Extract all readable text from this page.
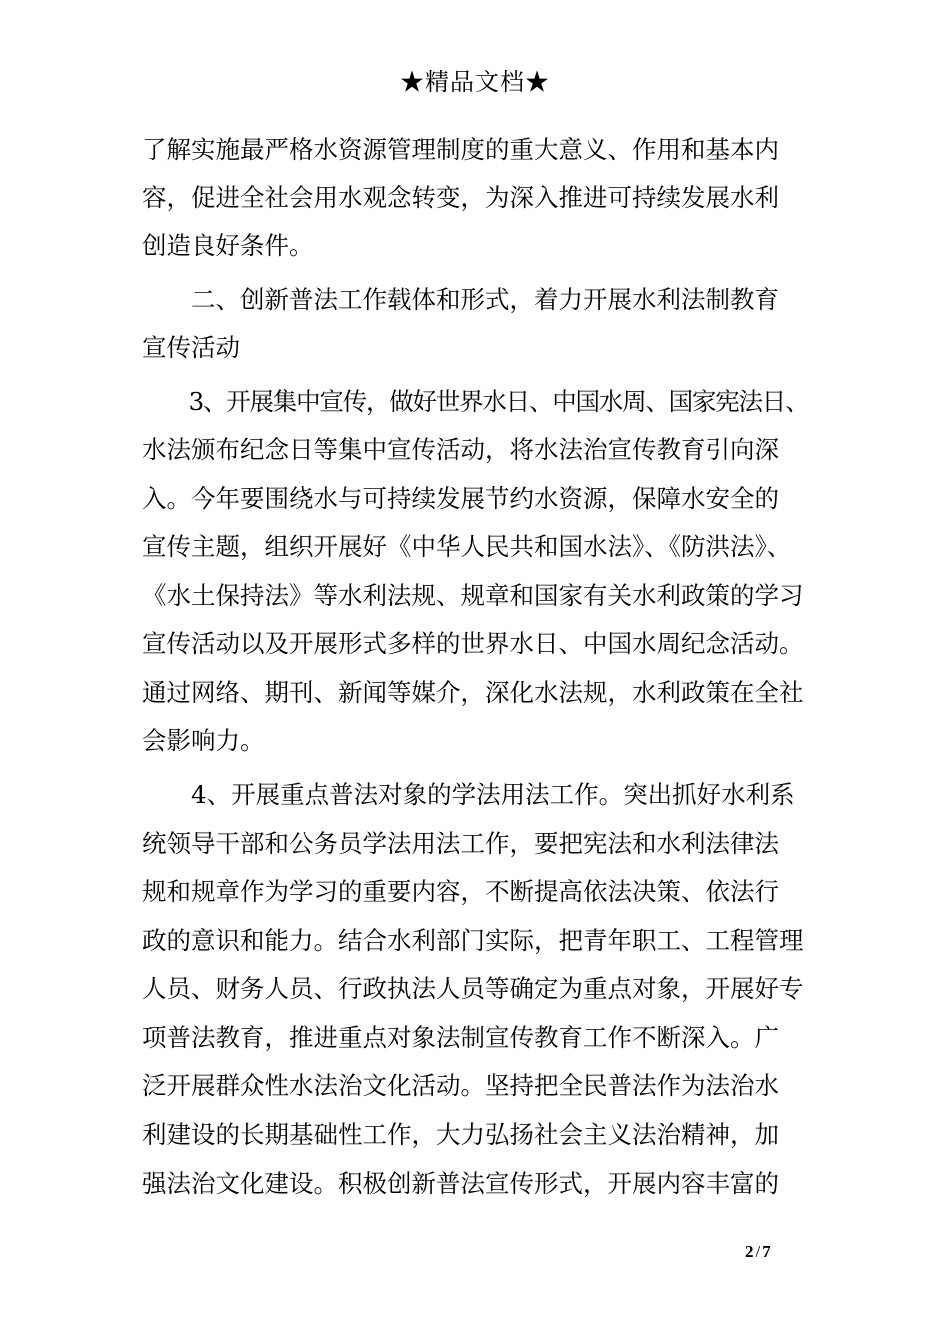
★精品文档★
了解实施最严格水资源管理制度的重大意义、作用和基本内
容，促进全社会用水观念转变，为深入推进可持续发展水利
创造良好条件。
　　二、创新普法工作载体和形式，着力开展水利法制教育
宣传活动
　　3、开展集中宣传，做好世界水日、中国水周、国家宪法日、
水法颁布纪念日等集中宣传活动，将水法治宣传教育引向深
入。今年要围绕水与可持续发展节约水资源，保障水安全的
宣传主题，组织开展好《中华人民共和国水法》、《防洪法》、
《水土保持法》等水利法规、规章和国家有关水利政策的学习
宣传活动以及开展形式多样的世界水日、中国水周纪念活动。
通过网络、期刊、新闻等媒介，深化水法规，水利政策在全社
会影响力。
　　4、开展重点普法对象的学法用法工作。突出抓好水利系
统领导干部和公务员学法用法工作，要把宪法和水利法律法
规和规章作为学习的重要内容，不断提高依法决策、依法行
政的意识和能力。结合水利部门实际，把青年职工、工程管理
人员、财务人员、行政执法人员等确定为重点对象，开展好专
项普法教育，推进重点对象法制宣传教育工作不断深入。广
泛开展群众性水法治文化活动。坚持把全民普法作为法治水
利建设的长期基础性工作，大力弘扬社会主义法治精神，加
强法治文化建设。积极创新普法宣传形式，开展内容丰富的
2 / 7
